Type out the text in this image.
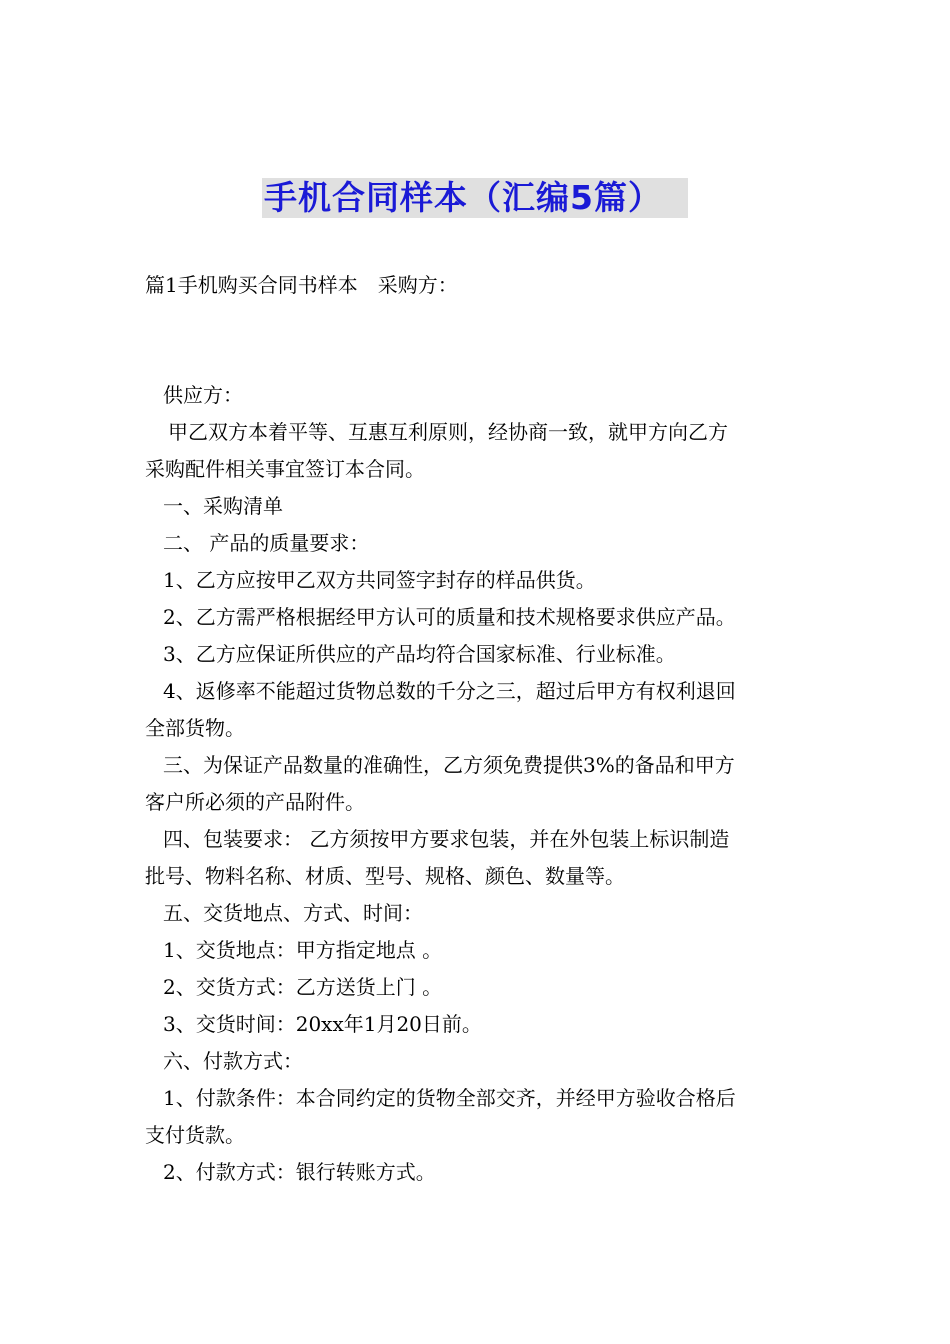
手机合同样本（汇编5篇）
篇1手机购买合同书样本　采购方：
供应方：
甲乙双方本着平等、互惠互利原则，经协商一致，就甲方向乙方
采购配件相关事宜签订本合同。
一、采购清单
二、 产品的质量要求：
1、乙方应按甲乙双方共同签字封存的样品供货。
2、乙方需严格根据经甲方认可的质量和技术规格要求供应产品。
3、乙方应保证所供应的产品均符合国家标准、行业标准。
4、返修率不能超过货物总数的千分之三，超过后甲方有权利退回
全部货物。
三、为保证产品数量的准确性，乙方须免费提供3%的备品和甲方
客户所必须的产品附件。
四、包装要求： 乙方须按甲方要求包装，并在外包装上标识制造
批号、物料名称、材质、型号、规格、颜色、数量等。
五、交货地点、方式、时间：
1、交货地点：甲方指定地点 。
2、交货方式：乙方送货上门 。
3、交货时间：20xx年1月20日前。
六、付款方式：
1、付款条件：本合同约定的货物全部交齐，并经甲方验收合格后
支付货款。
2、付款方式：银行转账方式。
